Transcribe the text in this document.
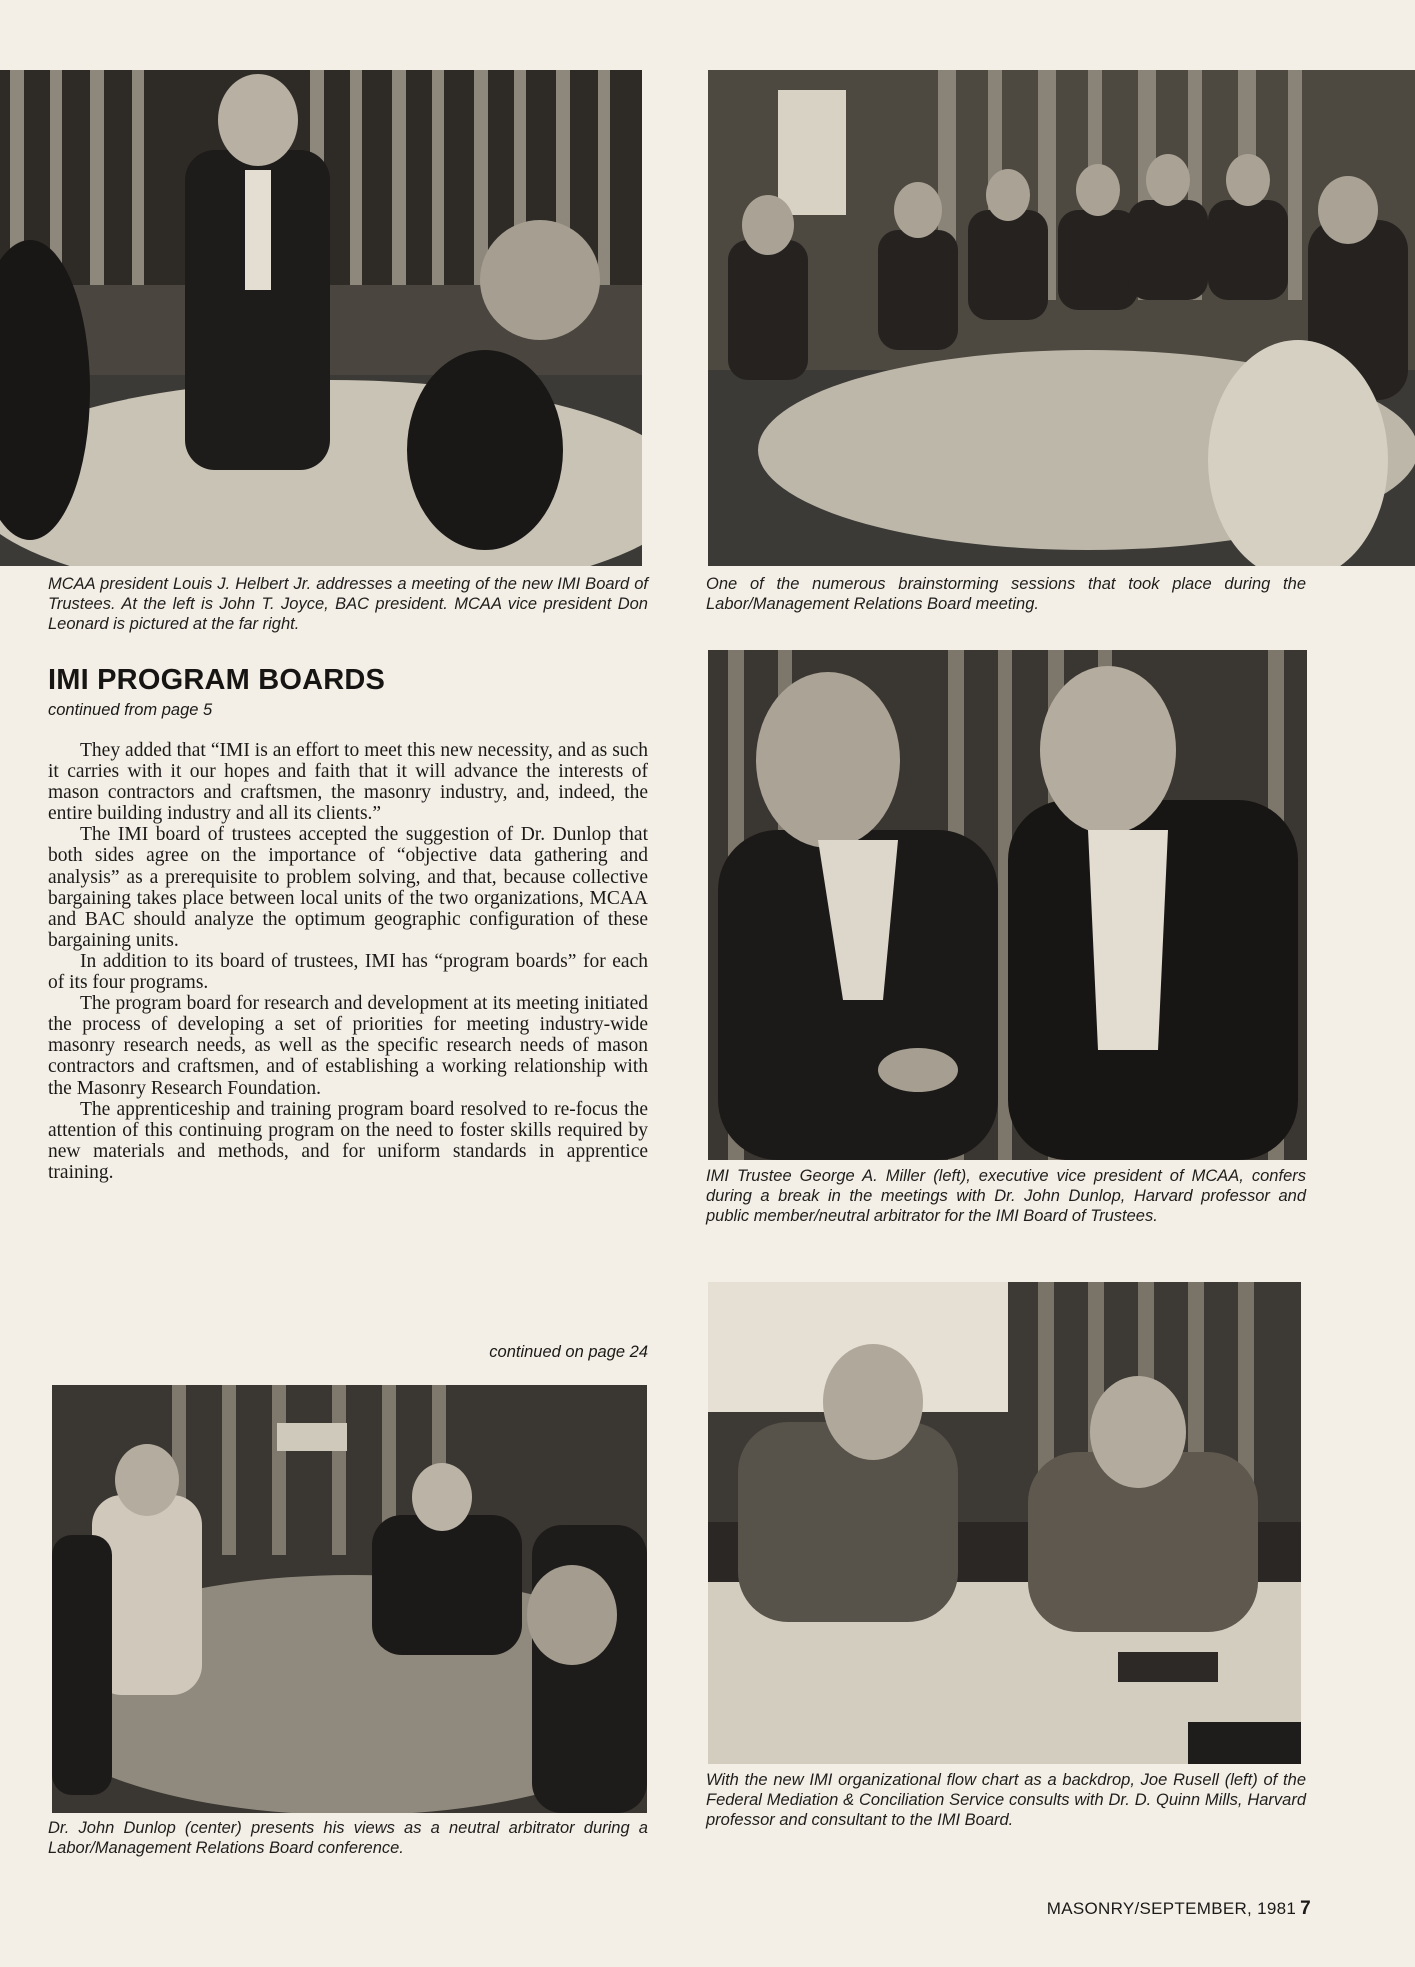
MCAA president Louis J. Helbert Jr. addresses a meeting of the new IMI Board of Trustees. At the left is John T. Joyce, BAC president. MCAA vice president Don Leonard is pictured at the far right.

One of the numerous brainstorming sessions that took place during the Labor/Management Relations Board meeting.

IMI PROGRAM BOARDS

continued from page 5

They added that “IMI is an effort to meet this new necessity, and as such it carries with it our hopes and faith that it will advance the interests of mason contractors and craftsmen, the masonry industry, and, indeed, the entire building industry and all its clients.”

The IMI board of trustees accepted the suggestion of Dr. Dunlop that both sides agree on the importance of “objective data gathering and analysis” as a prerequisite to problem solving, and that, because collective bargaining takes place between local units of the two organizations, MCAA and BAC should analyze the optimum geographic configuration of these bargaining units.

In addition to its board of trustees, IMI has “program boards” for each of its four programs.

The program board for research and development at its meeting initiated the process of developing a set of priorities for meeting industry-wide masonry research needs, as well as the specific research needs of mason contractors and craftsmen, and of establishing a working relationship with the Masonry Research Foundation.

The apprenticeship and training program board resolved to re-focus the attention of this continuing program on the need to foster skills required by new materials and methods, and for uniform standards in apprentice training.

continued on page 24

IMI Trustee George A. Miller (left), executive vice president of MCAA, confers during a break in the meetings with Dr. John Dunlop, Harvard professor and public member/neutral arbitrator for the IMI Board of Trustees.

Dr. John Dunlop (center) presents his views as a neutral arbitrator during a Labor/Management Relations Board conference.

With the new IMI organizational flow chart as a backdrop, Joe Rusell (left) of the Federal Mediation & Conciliation Service consults with Dr. D. Quinn Mills, Harvard professor and consultant to the IMI Board.

MASONRY/SEPTEMBER, 1981 7
